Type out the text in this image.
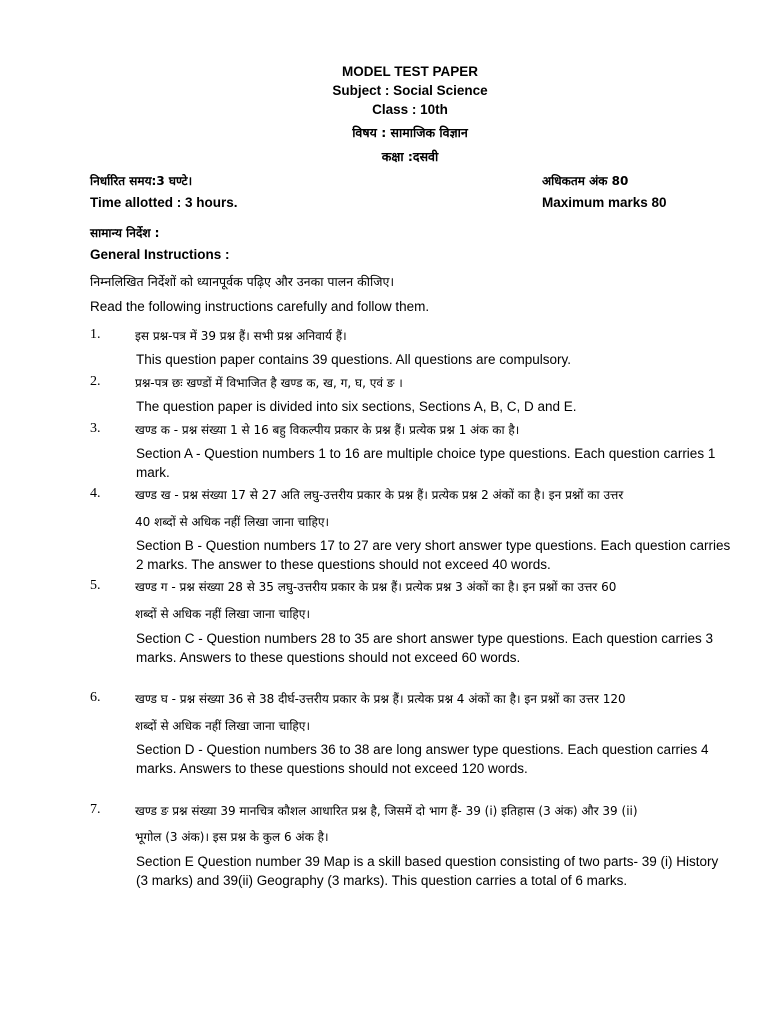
MODEL TEST PAPER
Subject : Social Science
Class : 10th
विषय : सामाजिक विज्ञान
कक्षा :दसवी
निर्धारित समय:3 घण्टे।
Time allotted : 3 hours.
अधिकतम अंक 80
Maximum marks 80
सामान्य निर्देश :
General Instructions :
निम्नलिखित निर्देशों को ध्यानपूर्वक पढ़िए और उनका पालन कीजिए।
Read the following instructions carefully and follow them.
1.	इस प्रश्न-पत्र में 39 प्रश्न हैं। सभी प्रश्न अनिवार्य हैं।
This question paper contains 39 questions. All questions are compulsory.
2.	प्रश्न-पत्र छः खण्डों में विभाजित है खण्ड क, ख, ग, घ, एवं ङ ।
The question paper is divided into six sections, Sections A, B, C, D and E.
3.	खण्ड क - प्रश्न संख्या 1 से 16 बहु विकल्पीय प्रकार के प्रश्न हैं। प्रत्येक प्रश्न 1 अंक का है।
Section A - Question numbers 1 to 16 are multiple choice type questions. Each question carries 1 mark.
4.	खण्ड ख - प्रश्न संख्या 17 से 27 अति लघु-उत्तरीय प्रकार के प्रश्न हैं। प्रत्येक प्रश्न 2 अंकों का है। इन प्रश्नों का उत्तर
40 शब्दों से अधिक नहीं लिखा जाना चाहिए।
Section B - Question numbers 17 to 27 are very short answer type questions. Each question carries 2 marks. The answer to these questions should not exceed 40 words.
5.	खण्ड ग - प्रश्न संख्या 28 से 35 लघु-उत्तरीय प्रकार के प्रश्न हैं। प्रत्येक प्रश्न 3 अंकों का है। इन प्रश्नों का उत्तर 60
शब्दों से अधिक नहीं लिखा जाना चाहिए।
Section C - Question numbers 28 to 35 are short answer type questions. Each question carries 3 marks. Answers to these questions should not exceed 60 words.
6.	खण्ड घ - प्रश्न संख्या 36 से 38 दीर्घ-उत्तरीय प्रकार के प्रश्न हैं। प्रत्येक प्रश्न 4 अंकों का है। इन प्रश्नों का उत्तर 120
शब्दों से अधिक नहीं लिखा जाना चाहिए।
Section D - Question numbers 36 to 38 are long answer type questions. Each question carries 4 marks. Answers to these questions should not exceed 120 words.
7.	खण्ड ङ प्रश्न संख्या 39 मानचित्र कौशल आधारित प्रश्न है, जिसमें दो भाग हैं- 39 (i) इतिहास (3 अंक) और 39 (ii)
भूगोल (3 अंक)। इस प्रश्न के कुल 6 अंक है।
Section E Question number 39 Map is a skill based question consisting of two parts- 39 (i) History (3 marks) and 39(ii) Geography (3 marks). This question carries a total of 6 marks.
